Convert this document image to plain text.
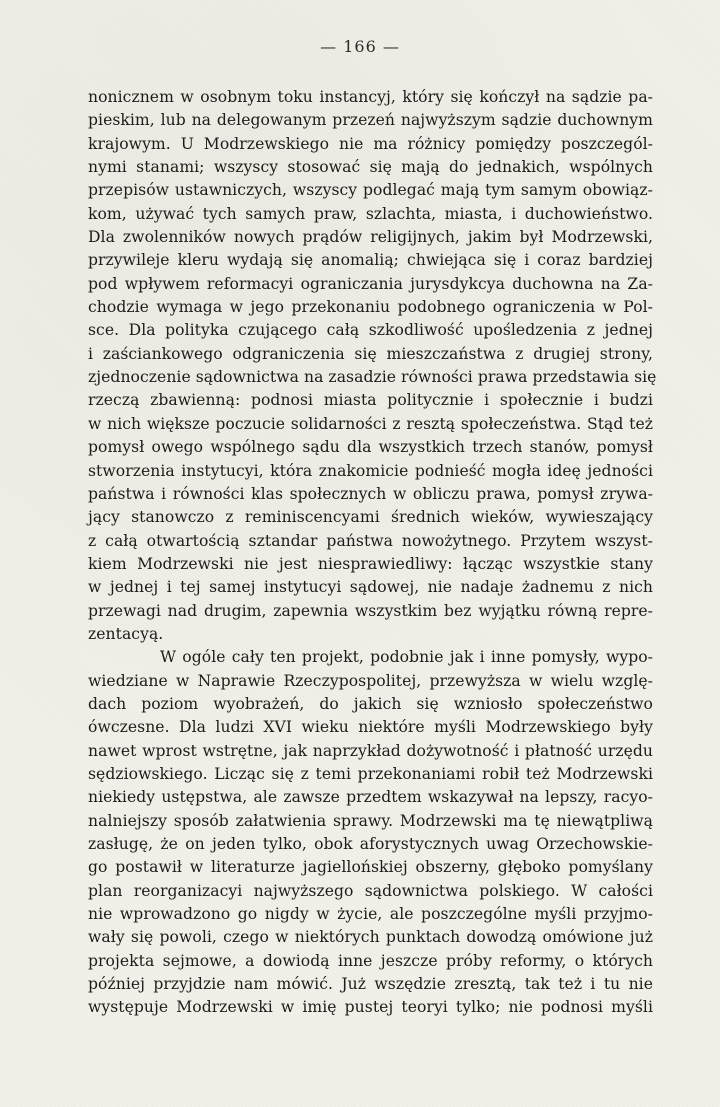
— 166 —
nonicznem w osobnym toku instancyj, który się kończył na sądzie pa-
pieskim, lub na delegowanym przezeń najwyższym sądzie duchownym
krajowym. U Modrzewskiego nie ma różnicy pomiędzy poszczegól-
nymi stanami; wszyscy stosować się mają do jednakich, wspólnych
przepisów ustawniczych, wszyscy podlegać mają tym samym obowiąz-
kom, używać tych samych praw, szlachta, miasta, i duchowieństwo.
Dla zwolenników nowych prądów religijnych, jakim był Modrzewski,
przywileje kleru wydają się anomalią; chwiejąca się i coraz bardziej
pod wpływem reformacyi ograniczania jurysdykcya duchowna na Za-
chodzie wymaga w jego przekonaniu podobnego ograniczenia w Pol-
sce. Dla polityka czującego całą szkodliwość upośledzenia z jednej
i zaściankowego odgraniczenia się mieszczaństwa z drugiej strony,
zjednoczenie sądownictwa na zasadzie równości prawa przedstawia się
rzeczą zbawienną: podnosi miasta politycznie i społecznie i budzi
w nich większe poczucie solidarności z resztą społeczeństwa. Stąd też
pomysł owego wspólnego sądu dla wszystkich trzech stanów, pomysł
stworzenia instytucyi, która znakomicie podnieść mogła ideę jedności
państwa i równości klas społecznych w obliczu prawa, pomysł zrywa-
jący stanowczo z reminiscencyami średnich wieków, wywieszający
z całą otwartością sztandar państwa nowożytnego. Przytem wszyst-
kiem Modrzewski nie jest niesprawiedliwy: łącząc wszystkie stany
w jednej i tej samej instytucyi sądowej, nie nadaje żadnemu z nich
przewagi nad drugim, zapewnia wszystkim bez wyjątku równą repre-
zentacyą.
W ogóle cały ten projekt, podobnie jak i inne pomysły, wypo-
wiedziane w Naprawie Rzeczypospolitej, przewyższa w wielu wzglę-
dach poziom wyobrażeń, do jakich się wzniosło społeczeństwo
ówczesne. Dla ludzi XVI wieku niektóre myśli Modrzewskiego były
nawet wprost wstrętne, jak naprzykład dożywotność i płatność urzędu
sędziowskiego. Licząc się z temi przekonaniami robił też Modrzewski
niekiedy ustępstwa, ale zawsze przedtem wskazywał na lepszy, racyo-
nalniejszy sposób załatwienia sprawy. Modrzewski ma tę niewątpliwą
zasługę, że on jeden tylko, obok aforystycznych uwag Orzechowskie-
go postawił w literaturze jagiellońskiej obszerny, głęboko pomyślany
plan reorganizacyi najwyższego sądownictwa polskiego. W całości
nie wprowadzono go nigdy w życie, ale poszczególne myśli przyjmo-
wały się powoli, czego w niektórych punktach dowodzą omówione już
projekta sejmowe, a dowiodą inne jeszcze próby reformy, o których
później przyjdzie nam mówić. Już wszędzie zresztą, tak też i tu nie
występuje Modrzewski w imię pustej teoryi tylko; nie podnosi myśli
